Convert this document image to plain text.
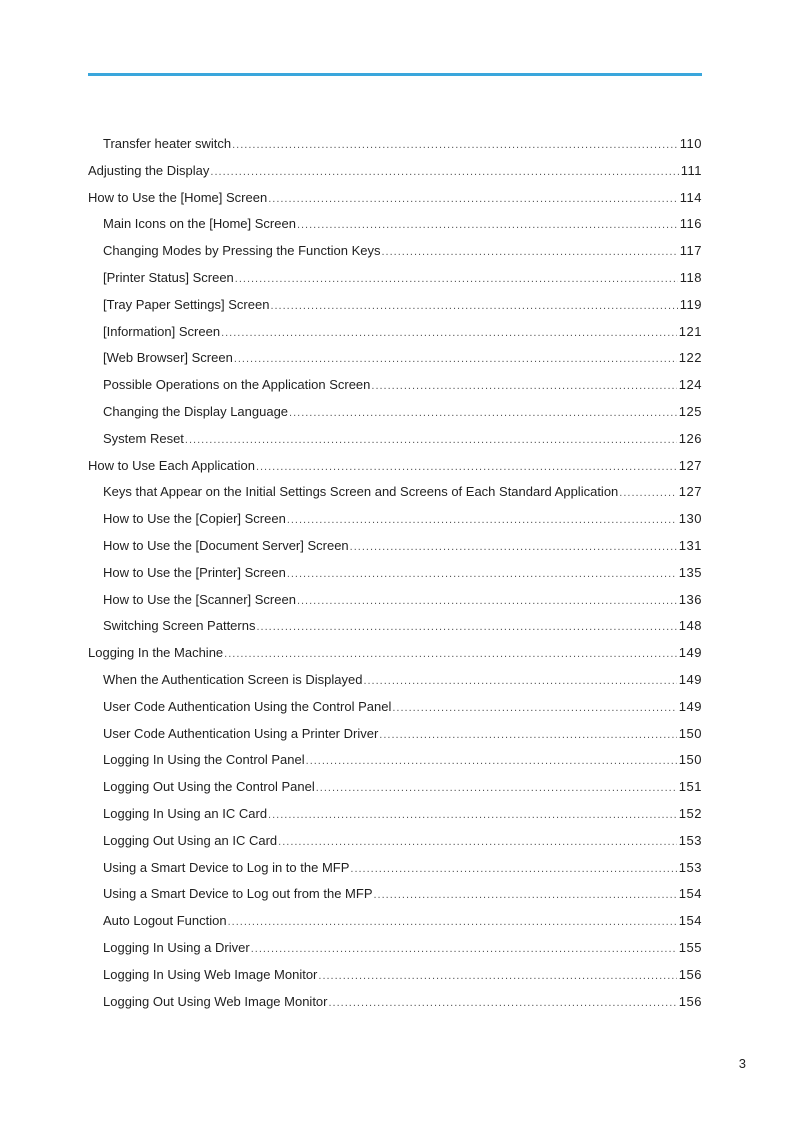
Transfer heater switch .....	110
Adjusting the Display .....	111
How to Use the [Home] Screen .....	114
Main Icons on the [Home] Screen .....	116
Changing Modes by Pressing the Function Keys .....	117
[Printer Status] Screen .....	118
[Tray Paper Settings] Screen .....	119
[Information] Screen .....	121
[Web Browser] Screen .....	122
Possible Operations on the Application Screen .....	124
Changing the Display Language .....	125
System Reset .....	126
How to Use Each Application .....	127
Keys that Appear on the Initial Settings Screen and Screens of Each Standard Application .....	127
How to Use the [Copier] Screen .....	130
How to Use the [Document Server] Screen .....	131
How to Use the [Printer] Screen .....	135
How to Use the [Scanner] Screen .....	136
Switching Screen Patterns .....	148
Logging In the Machine .....	149
When the Authentication Screen is Displayed .....	149
User Code Authentication Using the Control Panel .....	149
User Code Authentication Using a Printer Driver .....	150
Logging In Using the Control Panel .....	150
Logging Out Using the Control Panel .....	151
Logging In Using an IC Card .....	152
Logging Out Using an IC Card .....	153
Using a Smart Device to Log in to the MFP .....	153
Using a Smart Device to Log out from the MFP .....	154
Auto Logout Function .....	154
Logging In Using a Driver .....	155
Logging In Using Web Image Monitor .....	156
Logging Out Using Web Image Monitor .....	156
3
